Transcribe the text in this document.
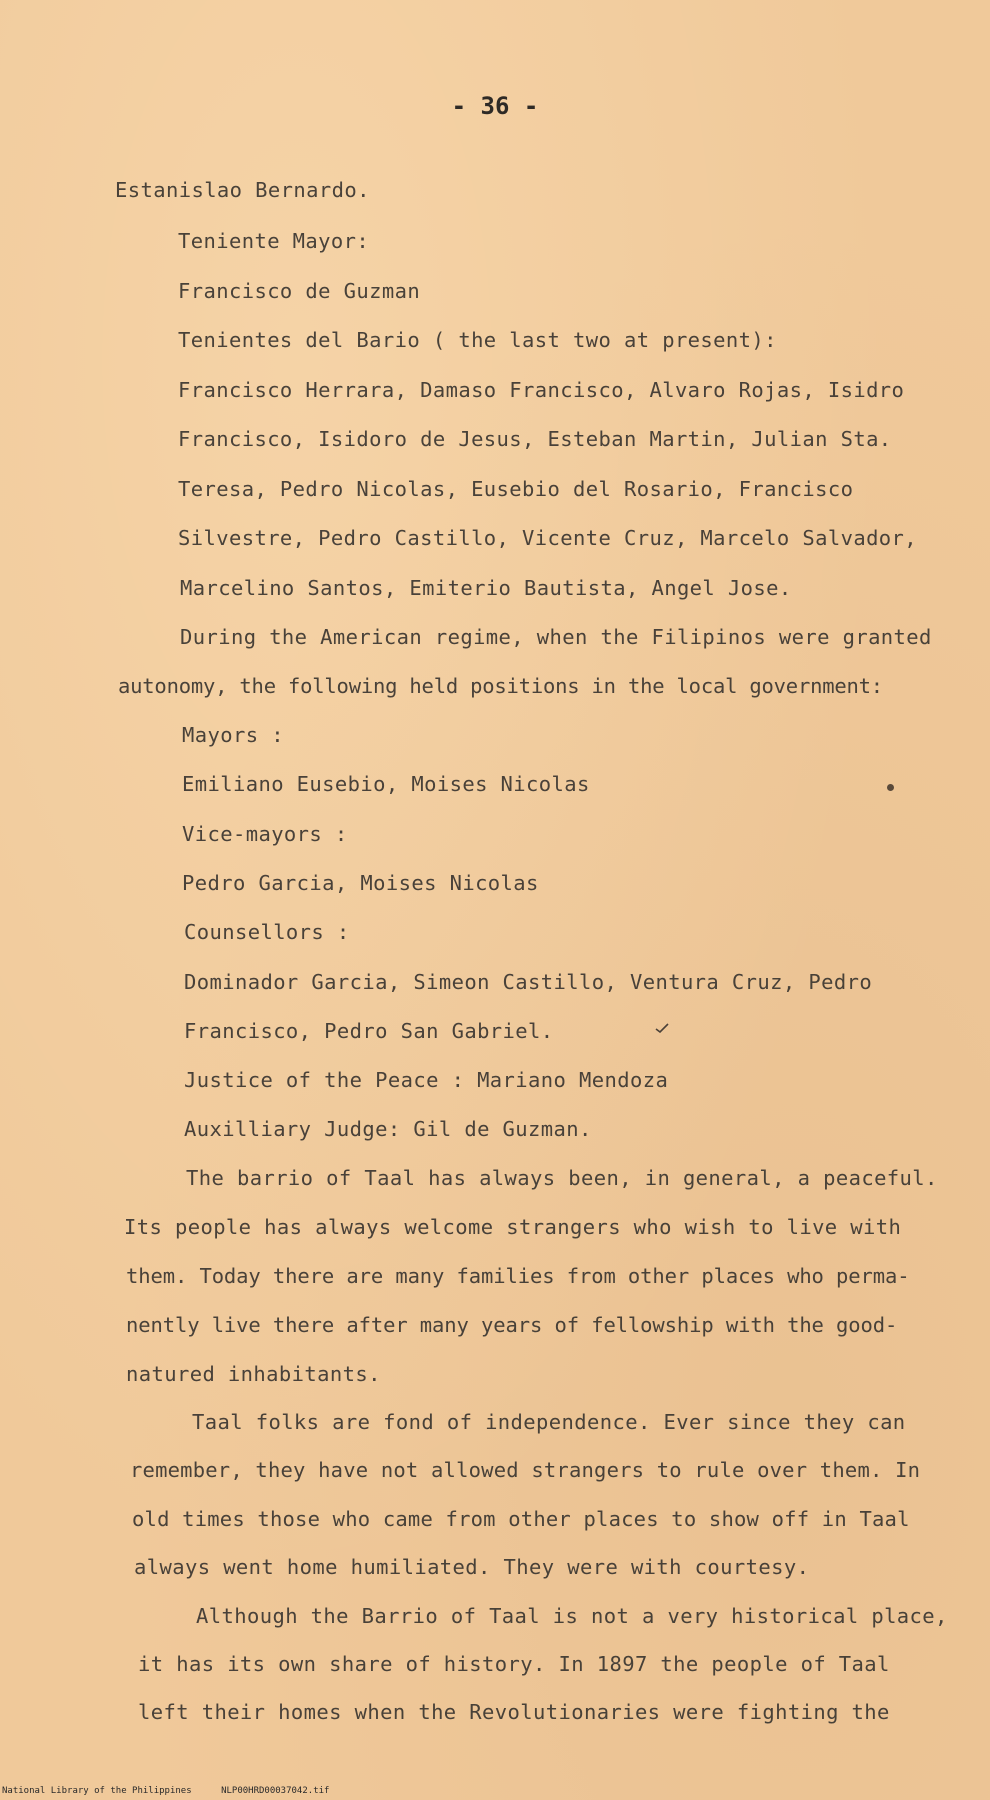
- 36 -
Estanislao Bernardo.
Teniente Mayor:
Francisco de Guzman
Tenientes del Bario ( the last two at present):
Francisco Herrara, Damaso Francisco, Alvaro Rojas, Isidro
Francisco, Isidoro de Jesus, Esteban Martin, Julian Sta.
Teresa, Pedro Nicolas, Eusebio del Rosario, Francisco
Silvestre, Pedro Castillo, Vicente Cruz, Marcelo Salvador,
Marcelino Santos, Emiterio Bautista, Angel Jose.
During the American regime, when the Filipinos were granted
autonomy, the following held positions in the local government:
Mayors :
Emiliano Eusebio, Moises Nicolas
Vice-mayors :
Pedro Garcia, Moises Nicolas
Counsellors :
Dominador Garcia, Simeon Castillo, Ventura Cruz, Pedro
Francisco, Pedro San Gabriel.
Justice of the Peace : Mariano Mendoza
Auxilliary Judge: Gil de Guzman.
The barrio of Taal has always been, in general, a peaceful.
Its people has always welcome strangers who wish to live with
them. Today there are many families from other places who perma-
nently live there after many years of fellowship with the good-
natured inhabitants.
Taal folks are fond of independence. Ever since they can
remember, they have not allowed strangers to rule over them. In
old times those who came from other places to show off in Taal
always went home humiliated. They were with courtesy.
Although the Barrio of Taal is not a very historical place,
it has its own share of history. In 1897 the people of Taal
left their homes when the Revolutionaries were fighting the
National Library of the Philippines	NLP00HRD00037042.tif
